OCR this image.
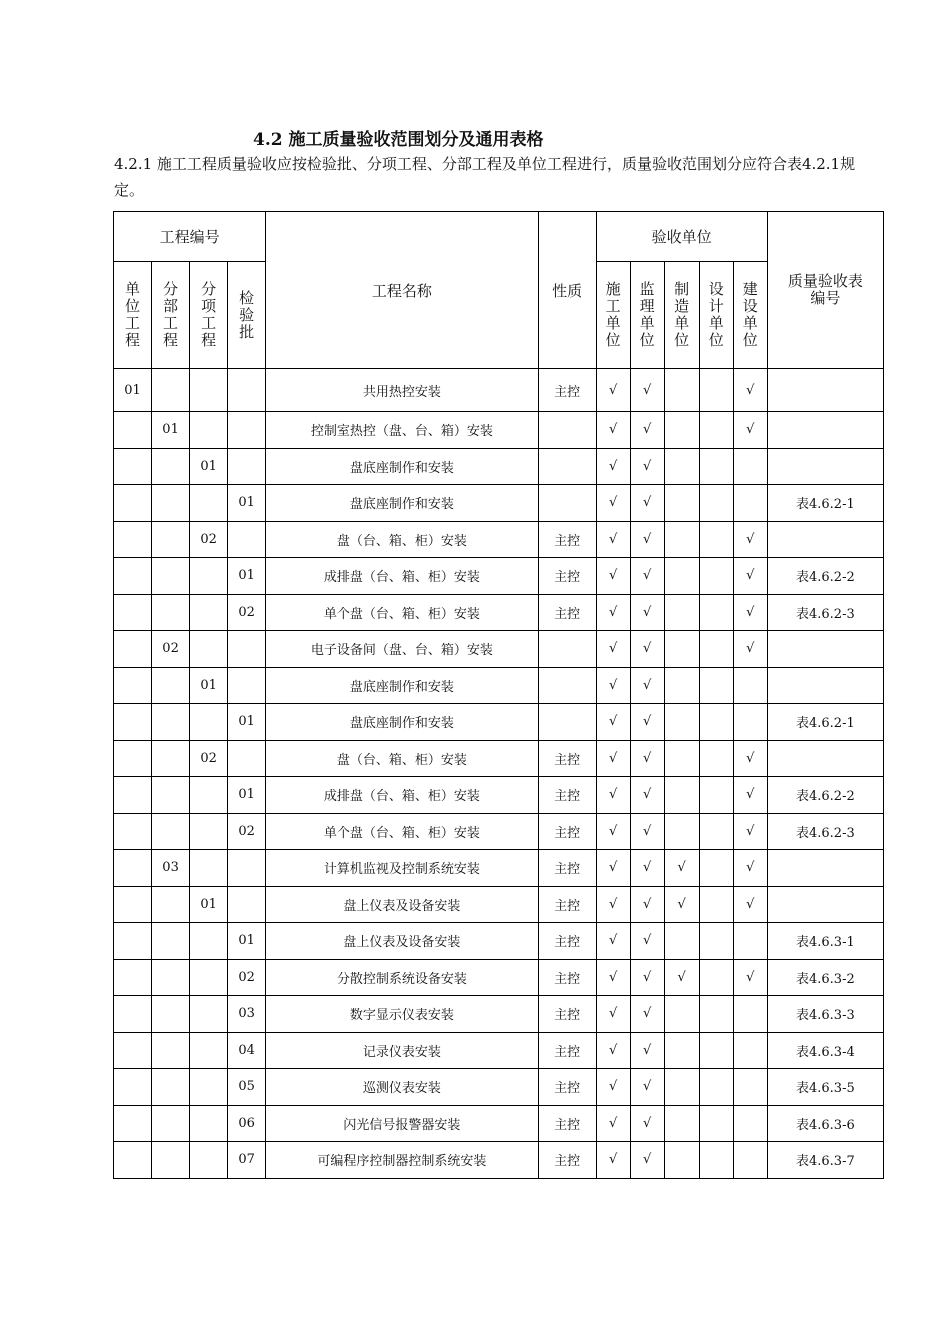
4.2 施工质量验收范围划分及通用表格
4.2.1 施工工程质量验收应按检验批、分项工程、分部工程及单位工程进行，质量验收范围划分应符合表4.2.1规定。
工程编号				工程名称	性质	验收单位					质量验收表编号
单位工程	分部工程	分项工程	检验批			施工单位	监理单位	制造单位	设计单位	建设单位	
01				共用热控安装	主控	√	√			√	
	01			控制室热控（盘、台、箱）安装		√	√			√	
		01		盘底座制作和安装		√	√				
			01	盘底座制作和安装		√	√				表4.6.2-1
		02		盘（台、箱、柜）安装	主控	√	√			√	
			01	成排盘（台、箱、柜）安装	主控	√	√			√	表4.6.2-2
			02	单个盘（台、箱、柜）安装	主控	√	√			√	表4.6.2-3
	02			电子设备间（盘、台、箱）安装		√	√			√	
		01		盘底座制作和安装		√	√				
			01	盘底座制作和安装		√	√				表4.6.2-1
		02		盘（台、箱、柜）安装	主控	√	√			√	
			01	成排盘（台、箱、柜）安装	主控	√	√			√	表4.6.2-2
			02	单个盘（台、箱、柜）安装	主控	√	√			√	表4.6.2-3
	03			计算机监视及控制系统安装	主控	√	√	√		√	
		01		盘上仪表及设备安装	主控	√	√	√		√	
			01	盘上仪表及设备安装	主控	√	√				表4.6.3-1
			02	分散控制系统设备安装	主控	√	√	√		√	表4.6.3-2
			03	数字显示仪表安装	主控	√	√				表4.6.3-3
			04	记录仪表安装	主控	√	√				表4.6.3-4
			05	巡测仪表安装	主控	√	√				表4.6.3-5
			06	闪光信号报警器安装	主控	√	√				表4.6.3-6
			07	可编程序控制器控制系统安装	主控	√	√				表4.6.3-7
